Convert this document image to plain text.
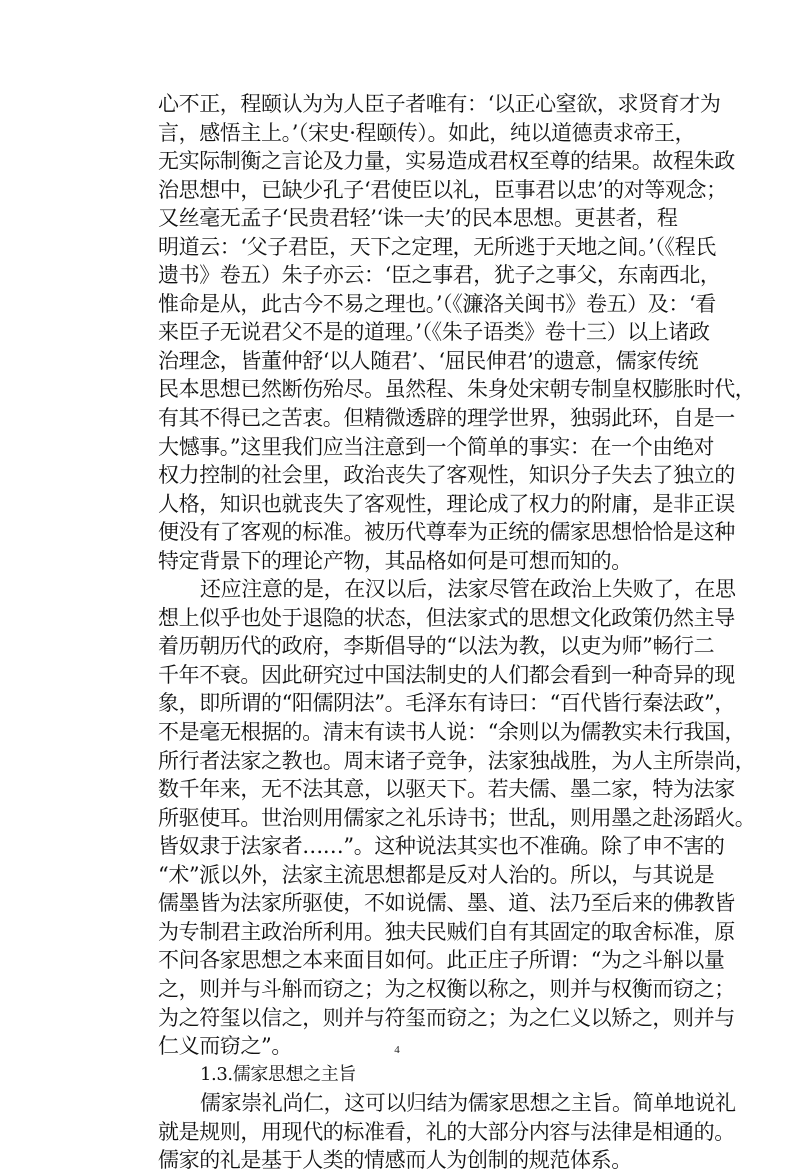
心不正，程颐认为为人臣子者唯有：‘以正心窒欲，求贤育才为
言，感悟主上。’（宋史·程颐传）。如此，纯以道德责求帝王，
无实际制衡之言论及力量，实易造成君权至尊的结果。故程朱政
治思想中，已缺少孔子‘君使臣以礼，臣事君以忠’的对等观念；
又丝毫无孟子‘民贵君轻’‘诛一夫’的民本思想。更甚者，程
明道云：‘父子君臣，天下之定理，无所逃于天地之间。’（《程氏
遗书》卷五）朱子亦云：‘臣之事君，犹子之事父，东南西北，
惟命是从，此古今不易之理也。’（《濂洛关闽书》卷五）及：‘看
来臣子无说君父不是的道理。’（《朱子语类》卷十三）以上诸政
治理念，皆董仲舒‘以人随君’、‘屈民伸君’的遗意，儒家传统
民本思想已然断伤殆尽。虽然程、朱身处宋朝专制皇权膨胀时代，
有其不得已之苦衷。但精微透辟的理学世界，独弱此环，自是一
大憾事。”这里我们应当注意到一个简单的事实：在一个由绝对
权力控制的社会里，政治丧失了客观性，知识分子失去了独立的
人格，知识也就丧失了客观性，理论成了权力的附庸，是非正误
便没有了客观的标准。被历代尊奉为正统的儒家思想恰恰是这种
特定背景下的理论产物，其品格如何是可想而知的。
还应注意的是，在汉以后，法家尽管在政治上失败了，在思
想上似乎也处于退隐的状态，但法家式的思想文化政策仍然主导
着历朝历代的政府，李斯倡导的“以法为教，以吏为师”畅行二
千年不衰。因此研究过中国法制史的人们都会看到一种奇异的现
象，即所谓的“阳儒阴法”。毛泽东有诗曰：“百代皆行秦法政”，
不是毫无根据的。清末有读书人说：“余则以为儒教实未行我国，
所行者法家之教也。周末诸子竞争，法家独战胜，为人主所崇尚，
数千年来，无不法其意，以驱天下。若夫儒、墨二家，特为法家
所驱使耳。世治则用儒家之礼乐诗书；世乱，则用墨之赴汤蹈火。
皆奴隶于法家者……”。这种说法其实也不准确。除了申不害的
“术”派以外，法家主流思想都是反对人治的。所以，与其说是
儒墨皆为法家所驱使，不如说儒、墨、道、法乃至后来的佛教皆
为专制君主政治所利用。独夫民贼们自有其固定的取舍标准，原
不问各家思想之本来面目如何。此正庄子所谓：“为之斗斛以量
之，则并与斗斛而窃之；为之权衡以称之，则并与权衡而窃之；
为之符玺以信之，则并与符玺而窃之；为之仁义以矫之，则并与
仁义而窃之”。
1.3.儒家思想之主旨
儒家崇礼尚仁，这可以归结为儒家思想之主旨。简单地说礼
就是规则，用现代的标准看，礼的大部分内容与法律是相通的。
儒家的礼是基于人类的情感而人为创制的规范体系。
4
